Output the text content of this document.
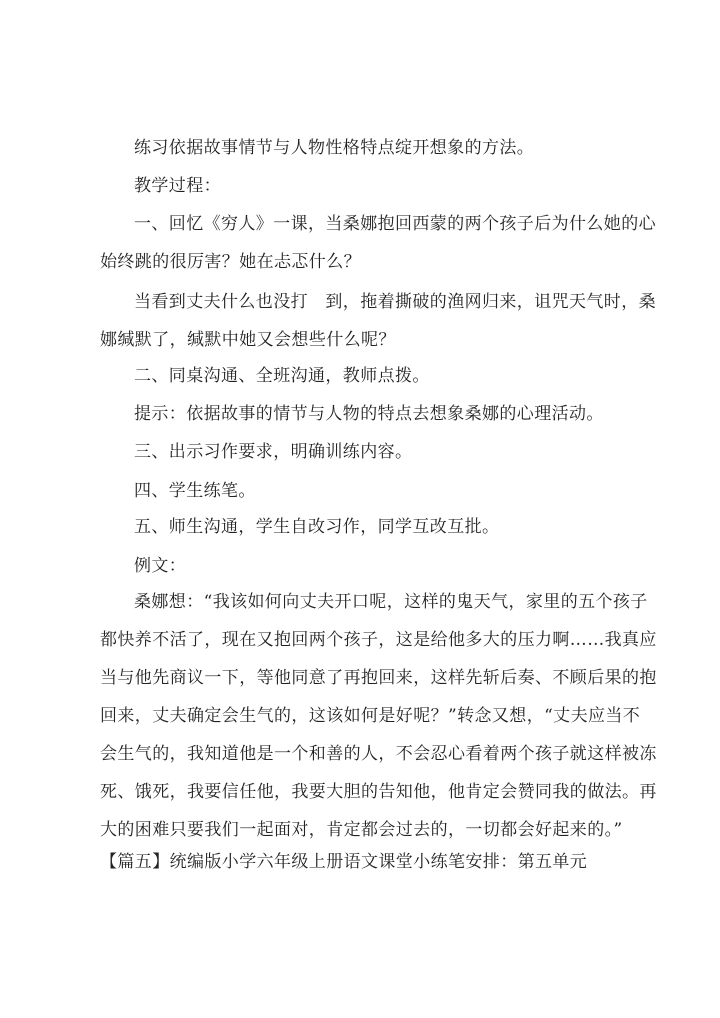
练习依据故事情节与人物性格特点绽开想象的方法。

教学过程：

一、回忆《穷人》一课，当桑娜抱回西蒙的两个孩子后为什么她的心
始终跳的很厉害？她在忐忑什么？

当看到丈夫什么也没打　到，拖着撕破的渔网归来，诅咒天气时，桑
娜缄默了，缄默中她又会想些什么呢？

二、同桌沟通、全班沟通，教师点拨。

提示：依据故事的情节与人物的特点去想象桑娜的心理活动。

三、出示习作要求，明确训练内容。

四、学生练笔。

五、师生沟通，学生自改习作，同学互改互批。

例文：

桑娜想：“我该如何向丈夫开口呢，这样的鬼天气，家里的五个孩子
都快养不活了，现在又抱回两个孩子，这是给他多大的压力啊……我真应
当与他先商议一下，等他同意了再抱回来，这样先斩后奏、不顾后果的抱
回来，丈夫确定会生气的，这该如何是好呢？”转念又想，“丈夫应当不
会生气的，我知道他是一个和善的人，不会忍心看着两个孩子就这样被冻
死、饿死，我要信任他，我要大胆的告知他，他肯定会赞同我的做法。再
大的困难只要我们一起面对，肯定都会过去的，一切都会好起来的。”

【篇五】统编版小学六年级上册语文课堂小练笔安排：第五单元
